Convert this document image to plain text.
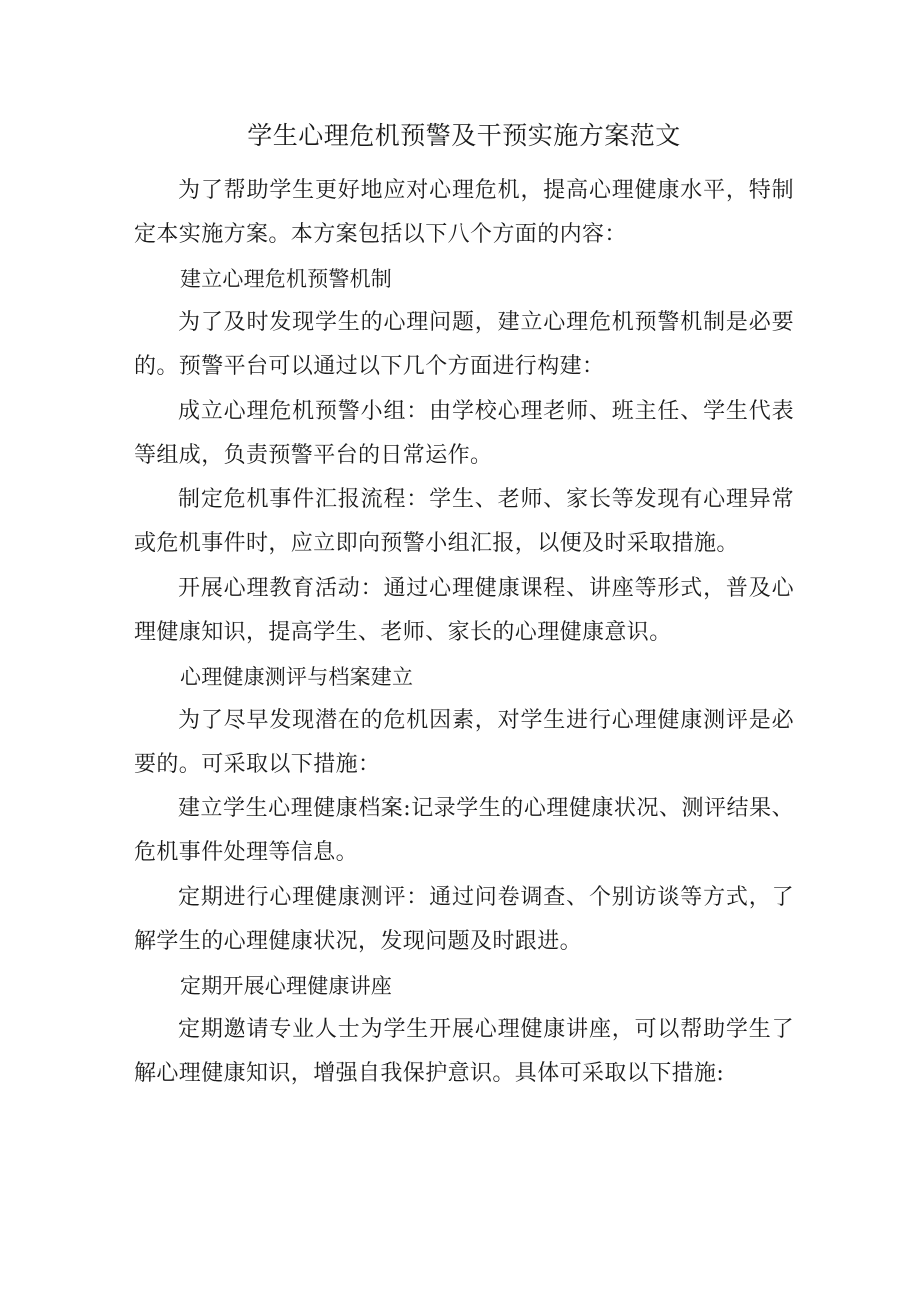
学生心理危机预警及干预实施方案范文

为了帮助学生更好地应对心理危机，提高心理健康水平，特制定本实施方案。本方案包括以下八个方面的内容：

建立心理危机预警机制

为了及时发现学生的心理问题，建立心理危机预警机制是必要的。预警平台可以通过以下几个方面进行构建：

成立心理危机预警小组：由学校心理老师、班主任、学生代表等组成，负责预警平台的日常运作。

制定危机事件汇报流程：学生、老师、家长等发现有心理异常或危机事件时，应立即向预警小组汇报，以便及时采取措施。

开展心理教育活动：通过心理健康课程、讲座等形式，普及心理健康知识，提高学生、老师、家长的心理健康意识。

心理健康测评与档案建立

为了尽早发现潜在的危机因素，对学生进行心理健康测评是必要的。可采取以下措施：

建立学生心理健康档案:记录学生的心理健康状况、测评结果、危机事件处理等信息。

定期进行心理健康测评：通过问卷调查、个别访谈等方式，了解学生的心理健康状况，发现问题及时跟进。

定期开展心理健康讲座

定期邀请专业人士为学生开展心理健康讲座，可以帮助学生了解心理健康知识，增强自我保护意识。具体可采取以下措施:
